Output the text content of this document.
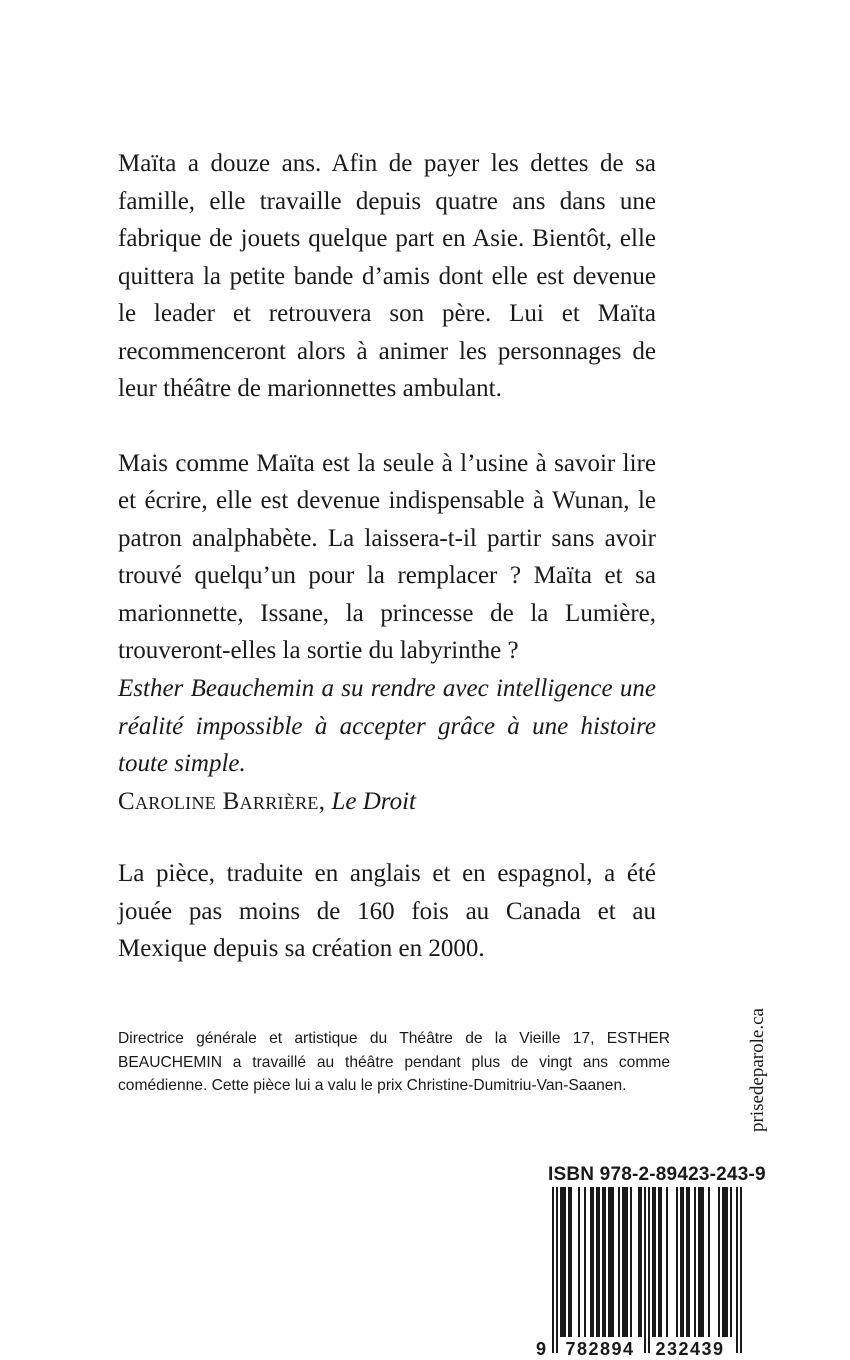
Maïta a douze ans. Afin de payer les dettes de sa famille, elle travaille depuis quatre ans dans une fabrique de jouets quelque part en Asie. Bientôt, elle quittera la petite bande d’amis dont elle est devenue le leader et retrouvera son père. Lui et Maïta recommenceront alors à animer les personnages de leur théâtre de marionnettes ambulant.

Mais comme Maïta est la seule à l’usine à savoir lire et écrire, elle est devenue indispensable à Wunan, le patron analphabète. La laissera-t-il partir sans avoir trouvé quelqu’un pour la remplacer ? Maïta et sa marionnette, Issane, la princesse de la Lumière, trouveront-elles la sortie du labyrinthe ?

Esther Beauchemin a su rendre avec intelligence une réalité impossible à accepter grâce à une histoire toute simple.

Caroline Barrière, Le Droit

La pièce, traduite en anglais et en espagnol, a été jouée pas moins de 160 fois au Canada et au Mexique depuis sa création en 2000.

Directrice générale et artistique du Théâtre de la Vieille 17, ESTHER BEAUCHEMIN a travaillé au théâtre pendant plus de vingt ans comme comédienne. Cette pièce lui a valu le prix Christine-Dumitriu-Van-Saanen.	prisedeparole.ca
ISBN 978-2-89423-243-9
9 782894 232439
